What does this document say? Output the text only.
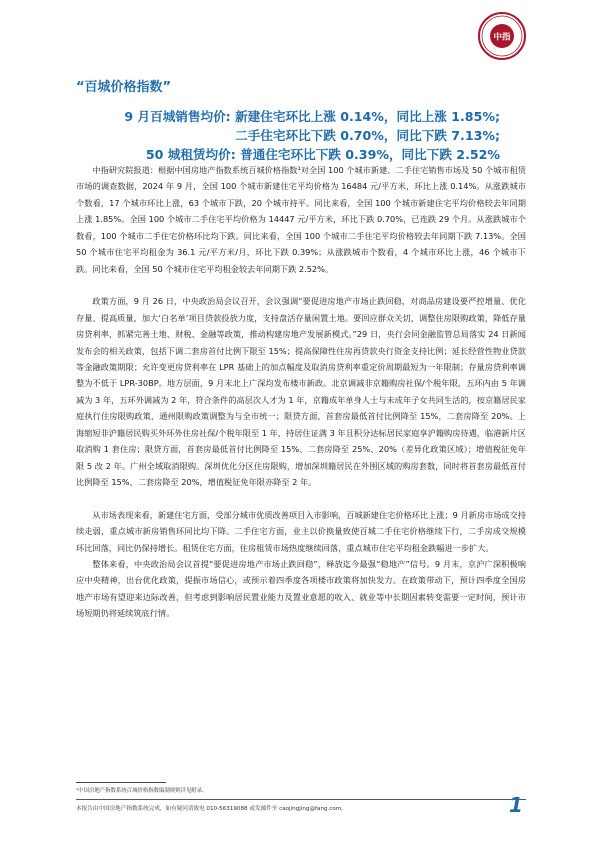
中指
“百城价格指数”
9 月百城销售均价: 新建住宅环比上涨 0.14%，同比上涨 1.85%;
二手住宅环比下跌 0.70%，同比下跌 7.13%;
50 城租赁均价: 普通住宅环比下跌 0.39%，同比下跌 2.52%

中指研究院报道：根据中国房地产指数系统百城价格指数¹对全国 100 个城市新建、二手住宅销售市场及 50 个城市租赁市场的调查数据，2024 年 9 月，全国 100 个城市新建住宅平均价格为 16484 元/平方米，环比上涨 0.14%。从涨跌城市个数看，17 个城市环比上涨，63 个城市下跌，20 个城市持平。同比来看，全国 100 个城市新建住宅平均价格较去年同期上涨 1.85%。全国 100 个城市二手住宅平均价格为 14447 元/平方米，环比下跌 0.70%，已连跌 29 个月。从涨跌城市个数看，100 个城市二手住宅价格环比均下跌。同比来看，全国 100 个城市二手住宅平均价格较去年同期下跌 7.13%。全国 50 个城市住宅平均租金为 36.1 元/平方米/月，环比下跌 0.39%；从涨跌城市个数看，4 个城市环比上涨，46 个城市下跌。同比来看，全国 50 个城市住宅平均租金较去年同期下跌 2.52%。

政策方面，9 月 26 日，中央政治局会议召开，会议强调“要促进房地产市场止跌回稳，对商品房建设要严控增量、优化存量、提高质量，加大‘白名单’项目贷款投放力度，支持盘活存量闲置土地。要回应群众关切，调整住房限购政策，降低存量房贷利率，抓紧完善土地、财税、金融等政策，推动构建房地产发展新模式。”29 日，央行会同金融监管总局落实 24 日新闻发布会的相关政策，包括下调二套房首付比例下限至 15%；提高保障性住房再贷款央行资金支持比例；延长经营性物业贷款等金融政策期限；允许变更房贷利率在 LPR 基础上的加点幅度及取消房贷利率重定价周期最短为一年限制；存量房贷利率调整为不低于 LPR-30BP。地方层面，9 月末北上广深均发布楼市新政。北京调减非京籍购房社保/个税年限，五环内由 5 年调减为 3 年，五环外调减为 2 年，符合条件的高层次人才为 1 年，京籍成年单身人士与未成年子女共同生活的，按京籍居民家庭执行住房限购政策，通州限购政策调整为与全市统一；限贷方面，首套房最低首付比例降至 15%，二套房降至 20%。上海缩短非沪籍居民购买外环外住房社保/个税年限至 1 年，持居住证满 3 年且积分达标居民家庭享沪籍购房待遇，临港新片区取消购 1 套住房；限贷方面，首套房最低首付比例降至 15%、二套房降至 25%、20%（差异化政策区域）；增值税征免年限 5 改 2 年。广州全域取消限购。深圳优化分区住房限购，增加深圳籍居民在外围区域的购房套数，同时将首套房最低首付比例降至 15%、二套房降至 20%，增值税征免年限亦降至 2 年。

从市场表现来看，新建住宅方面，受部分城市优质改善项目入市影响，百城新建住宅价格环比上涨；9 月新房市场成交持续走弱，重点城市新房销售环同比均下降。二手住宅方面，业主以价换量致使百城二手住宅价格继续下行，二手房成交规模环比回落，同比仍保持增长。租赁住宅方面，住房租赁市场热度继续回落，重点城市住宅平均租金跌幅进一步扩大。

整体来看，中央政治局会议首提“要促进房地产市场止跌回稳”，释放迄今最强“稳地产”信号。9 月末，京沪广深积极响应中央精神，出台优化政策，提振市场信心，或预示着四季度各项楼市政策将加快发力。在政策带动下，预计四季度全国房地产市场有望迎来边际改善，但考虑到影响居民置业能力及置业意愿的收入、就业等中长期因素转变需要一定时间，预计市场短期仍将延续筑底行情。

¹中国房地产指数系统百城价格指数编制规则详见附录。
本报告由中国房地产指数系统完成，如有疑问请致电 010-56319088 或发邮件至 caojingjing@fang.com。	1
